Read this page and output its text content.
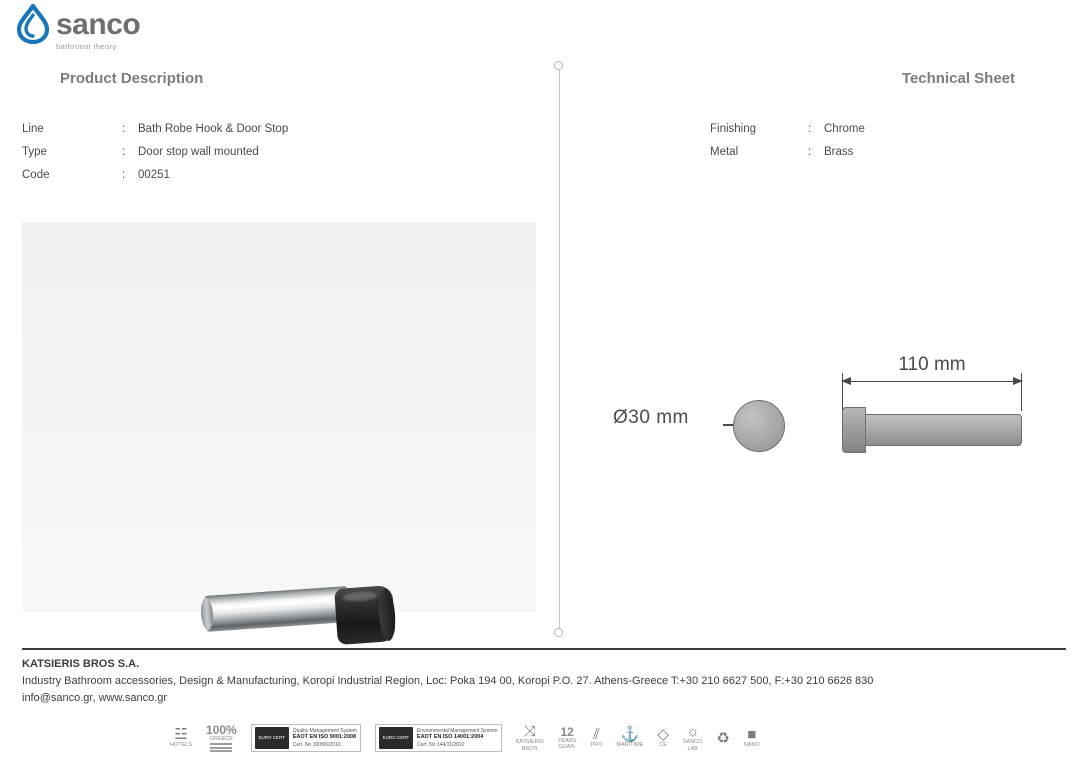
sanco
bathroom theory
Product Description	Technical Sheet
Line	:	Bath Robe Hook & Door Stop
Type	:	Door stop wall mounted
Code	:	00251
Finishing	:	Chrome
Metal	:	Brass
Ø30 mm
110 mm
KATSIERIS BROS S.A.
Industry Bathroom accessories, Design & Manufacturing, Koropi Industrial Region, Loc: Poka 194 00, Koropi P.O. 27. Athens-Greece T:+30 210 6627 500, F:+30 210 6626 830
info@sanco.gr, www.sanco.gr
☳
HOTELS
100%
GREECE	EURO CERT
Quality Management System
EAOT EN ISO 9001:2008
Cert. No 1008/6/2010
EURO CERT
Environmental Management System
EAOT EN ISO 14001:2004
Cert. No 144/11/2010
⤨
KATSIERIS
BROS
12
YEARS
GUAR.
⫽
PRO
⚓
MARITIME
◇
CE
☼
SANCO
LAB
♻ ■
NANO
